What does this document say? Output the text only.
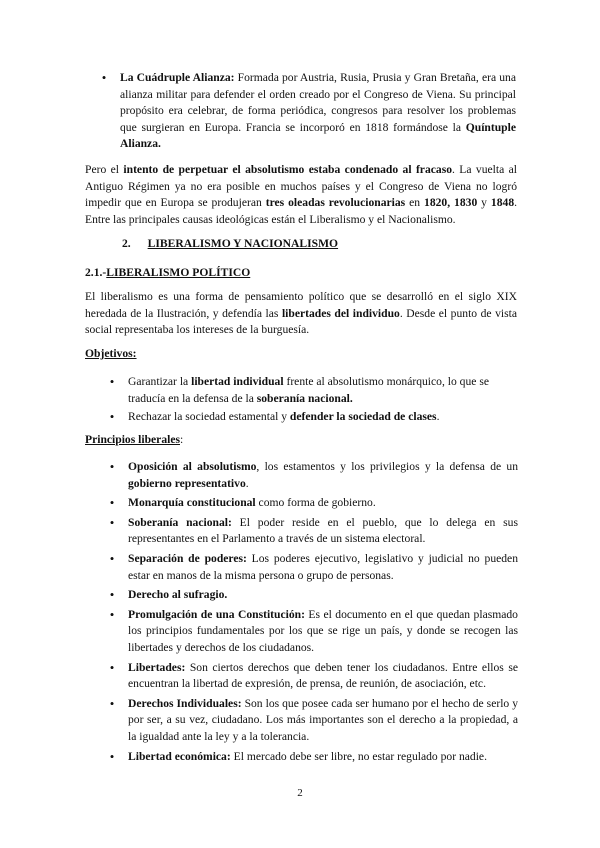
•	La Cuádruple Alianza: Formada por Austria, Rusia, Prusia y Gran Bretaña, era una alianza militar para defender el orden creado por el Congreso de Viena. Su principal propósito era celebrar, de forma periódica, congresos para resolver los problemas que surgieran en Europa. Francia se incorporó en 1818 formándose la Quíntuple Alianza.
Pero el intento de perpetuar el absolutismo estaba condenado al fracaso. La vuelta al Antiguo Régimen ya no era posible en muchos países y el Congreso de Viena no logró impedir que en Europa se produjeran tres oleadas revolucionarias en 1820, 1830 y 1848. Entre las principales causas ideológicas están el Liberalismo y el Nacionalismo.
2. LIBERALISMO Y NACIONALISMO
2.1.-LIBERALISMO POLÍTICO
El liberalismo es una forma de pensamiento político que se desarrolló en el siglo XIX heredada de la Ilustración, y defendía las libertades del individuo. Desde el punto de vista social representaba los intereses de la burguesía.
Objetivos:
•	Garantizar la libertad individual frente al absolutismo monárquico, lo que se traducía en la defensa de la soberanía nacional.
•	Rechazar la sociedad estamental y defender la sociedad de clases.
Principios liberales:
•	Oposición al absolutismo, los estamentos y los privilegios y la defensa de un gobierno representativo.
•	Monarquía constitucional como forma de gobierno.
•	Soberanía nacional: El poder reside en el pueblo, que lo delega en sus representantes en el Parlamento a través de un sistema electoral.
•	Separación de poderes: Los poderes ejecutivo, legislativo y judicial no pueden estar en manos de la misma persona o grupo de personas.
•	Derecho al sufragio.
•	Promulgación de una Constitución: Es el documento en el que quedan plasmado los principios fundamentales por los que se rige un país, y donde se recogen las libertades y derechos de los ciudadanos.
•	Libertades: Son ciertos derechos que deben tener los ciudadanos. Entre ellos se encuentran la libertad de expresión, de prensa, de reunión, de asociación, etc.
•	Derechos Individuales: Son los que posee cada ser humano por el hecho de serlo y por ser, a su vez, ciudadano. Los más importantes son el derecho a la propiedad, a la igualdad ante la ley y a la tolerancia.
•	Libertad económica: El mercado debe ser libre, no estar regulado por nadie.
2
